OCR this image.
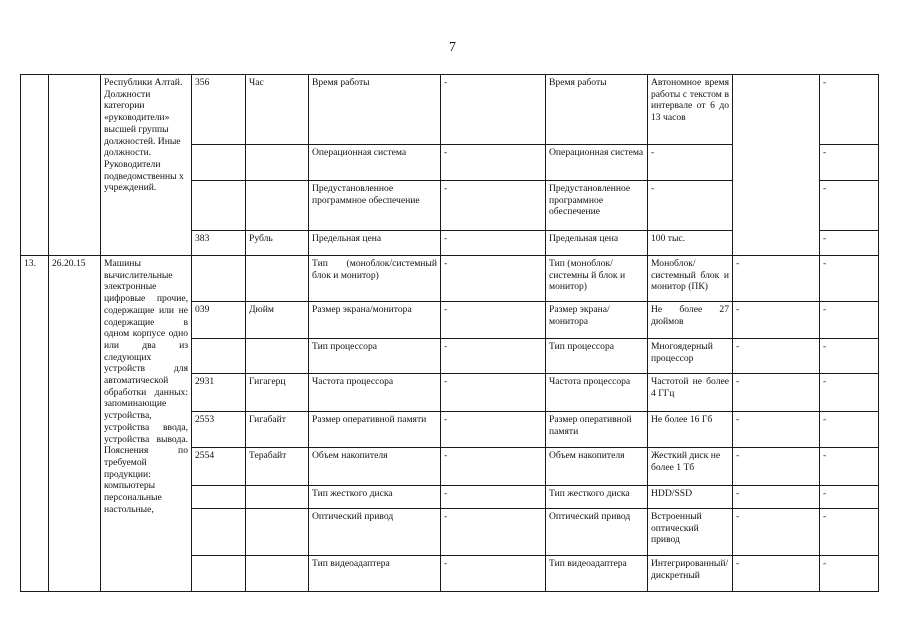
7
		Республики Алтай. Должности категории «руководители» высшей группы должностей. Иные должности. Руководители подведомственны х учреждений.	356	Час	Время работы	-	Время работы	Автономное время работы с текстом в интервале от 6 до 13 часов		-
					Операционная система	-	Операционная система	-		-
					Предустановленное программное обеспечение	-	Предустановленное программное обеспечение	-		-
			383	Рубль	Предельная цена	-	Предельная цена	100 тыс.		-
13.	26.20.15	Машины вычислительные электронные цифровые прочие, содержащие или не содержащие в одном корпусе одно или два из следующих устройств для автоматической обработки данных: запоминающие устройства, устройства ввода, устройства вывода. Пояснения по требуемой продукции: компьютеры персональные настольные,			Тип (моноблок/системный блок и монитор)	-	Тип (моноблок/системны й блок и монитор)	Моноблок/системный блок и монитор (ПК)	-	-
			039	Дюйм	Размер экрана/монитора	-	Размер экрана/монитора	Не более 27 дюймов	-	-
					Тип процессора	-	Тип процессора	Многоядерный процессор	-	-
			2931	Гигагерц	Частота процессора	-	Частота процессора	Частотой не более 4 ГГц	-	-
			2553	Гигабайт	Размер оперативной памяти	-	Размер оперативной памяти	Не более 16 Гб	-	-
			2554	Терабайт	Объем накопителя	-	Объем накопителя	Жесткий диск не более 1 Тб	-	-
					Тип жесткого диска	-	Тип жесткого диска	HDD/SSD	-	-
					Оптический привод	-	Оптический привод	Встроенный оптический привод	-	-
					Тип видеоадаптера	-	Тип видеоадаптера	Интегрированный/дискретный	-	-
